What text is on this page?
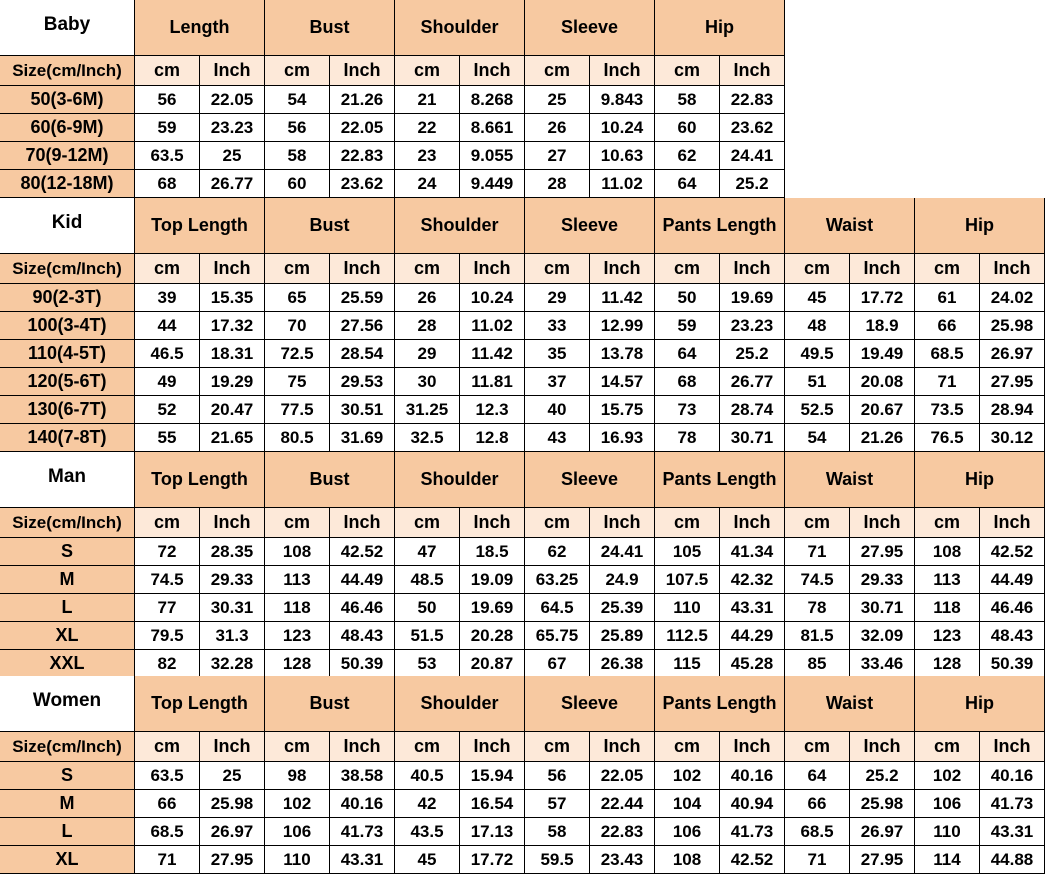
Baby	Length	Bust	Shoulder	Sleeve	Hip
Size(cm/Inch)	cm	Inch	cm	Inch	cm	Inch	cm	Inch	cm	Inch
50(3-6M)	56	22.05	54	21.26	21	8.268	25	9.843	58	22.83
60(6-9M)	59	23.23	56	22.05	22	8.661	26	10.24	60	23.62
70(9-12M)	63.5	25	58	22.83	23	9.055	27	10.63	62	24.41
80(12-18M)	68	26.77	60	23.62	24	9.449	28	11.02	64	25.2
Kid	Top Length	Bust	Shoulder	Sleeve	Pants Length	Waist	Hip
Size(cm/Inch)	cm	Inch	cm	Inch	cm	Inch	cm	Inch	cm	Inch	cm	Inch	cm	Inch
90(2-3T)	39	15.35	65	25.59	26	10.24	29	11.42	50	19.69	45	17.72	61	24.02
100(3-4T)	44	17.32	70	27.56	28	11.02	33	12.99	59	23.23	48	18.9	66	25.98
110(4-5T)	46.5	18.31	72.5	28.54	29	11.42	35	13.78	64	25.2	49.5	19.49	68.5	26.97
120(5-6T)	49	19.29	75	29.53	30	11.81	37	14.57	68	26.77	51	20.08	71	27.95
130(6-7T)	52	20.47	77.5	30.51	31.25	12.3	40	15.75	73	28.74	52.5	20.67	73.5	28.94
140(7-8T)	55	21.65	80.5	31.69	32.5	12.8	43	16.93	78	30.71	54	21.26	76.5	30.12
Man	Top Length	Bust	Shoulder	Sleeve	Pants Length	Waist	Hip
Size(cm/Inch)	cm	Inch	cm	Inch	cm	Inch	cm	Inch	cm	Inch	cm	Inch	cm	Inch
S	72	28.35	108	42.52	47	18.5	62	24.41	105	41.34	71	27.95	108	42.52
M	74.5	29.33	113	44.49	48.5	19.09	63.25	24.9	107.5	42.32	74.5	29.33	113	44.49
L	77	30.31	118	46.46	50	19.69	64.5	25.39	110	43.31	78	30.71	118	46.46
XL	79.5	31.3	123	48.43	51.5	20.28	65.75	25.89	112.5	44.29	81.5	32.09	123	48.43
XXL	82	32.28	128	50.39	53	20.87	67	26.38	115	45.28	85	33.46	128	50.39
Women	Top Length	Bust	Shoulder	Sleeve	Pants Length	Waist	Hip
Size(cm/Inch)	cm	Inch	cm	Inch	cm	Inch	cm	Inch	cm	Inch	cm	Inch	cm	Inch
S	63.5	25	98	38.58	40.5	15.94	56	22.05	102	40.16	64	25.2	102	40.16
M	66	25.98	102	40.16	42	16.54	57	22.44	104	40.94	66	25.98	106	41.73
L	68.5	26.97	106	41.73	43.5	17.13	58	22.83	106	41.73	68.5	26.97	110	43.31
XL	71	27.95	110	43.31	45	17.72	59.5	23.43	108	42.52	71	27.95	114	44.88
